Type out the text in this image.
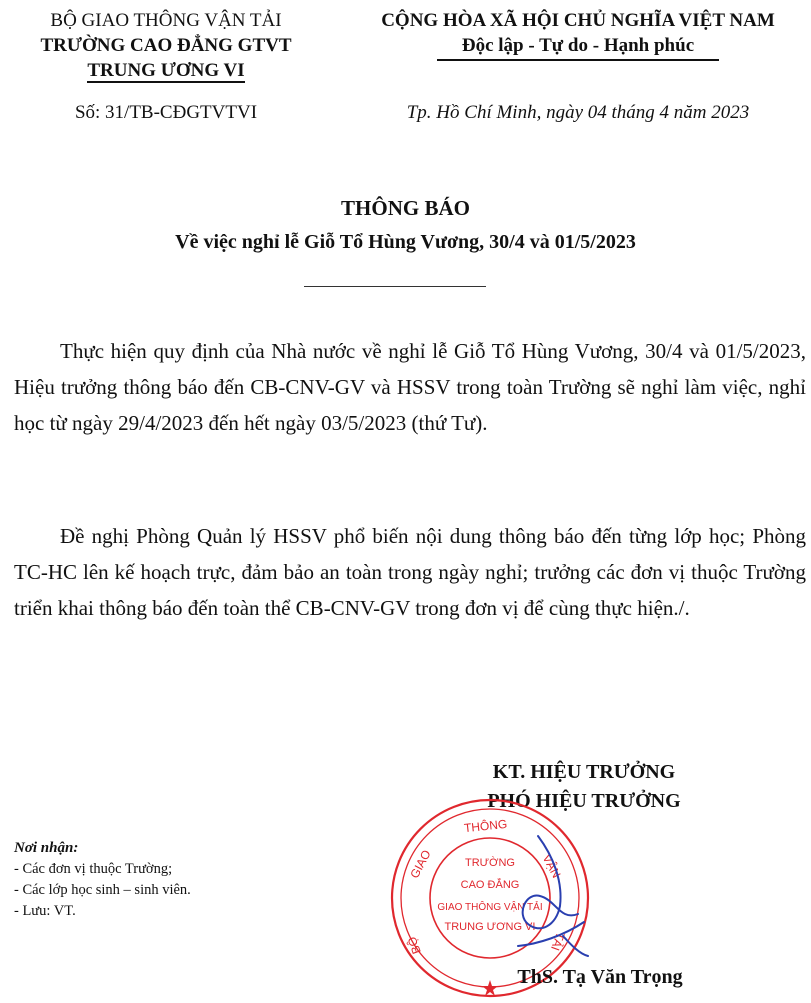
BỘ GIAO THÔNG VẬN TẢI
TRƯỜNG CAO ĐẲNG GTVT
TRUNG ƯƠNG VI
Số: 31/TB-CĐGTVTVI
CỘNG HÒA XÃ HỘI CHỦ NGHĨA VIỆT NAM
Độc lập - Tự do - Hạnh phúc
Tp. Hồ Chí Minh, ngày 04 tháng 4 năm 2023
THÔNG BÁO
Về việc nghỉ lễ Giỗ Tổ Hùng Vương, 30/4 và 01/5/2023
Thực hiện quy định của Nhà nước về nghỉ lễ Giỗ Tổ Hùng Vương, 30/4 và 01/5/2023, Hiệu trưởng thông báo đến CB-CNV-GV và HSSV trong toàn Trường sẽ nghỉ làm việc, nghỉ học từ ngày 29/4/2023 đến hết ngày 03/5/2023 (thứ Tư).
Đề nghị Phòng Quản lý HSSV phổ biến nội dung thông báo đến từng lớp học; Phòng TC-HC lên kế hoạch trực, đảm bảo an toàn trong ngày nghỉ; trưởng các đơn vị thuộc Trường triển khai thông báo đến toàn thể CB-CNV-GV trong đơn vị để cùng thực hiện./.
KT. HIỆU TRƯỞNG
PHÓ HIỆU TRƯỞNG
THÔNG
VẬN
GIAO
BỘ	TẢI
TRƯỜNG
CAO ĐẲNG
GIAO THÔNG VẬN TẢI
TRUNG ƯƠNG VI
ThS. Tạ Văn Trọng
Nơi nhận:
- Các đơn vị thuộc Trường;
- Các lớp học sinh – sinh viên.
- Lưu: VT.
